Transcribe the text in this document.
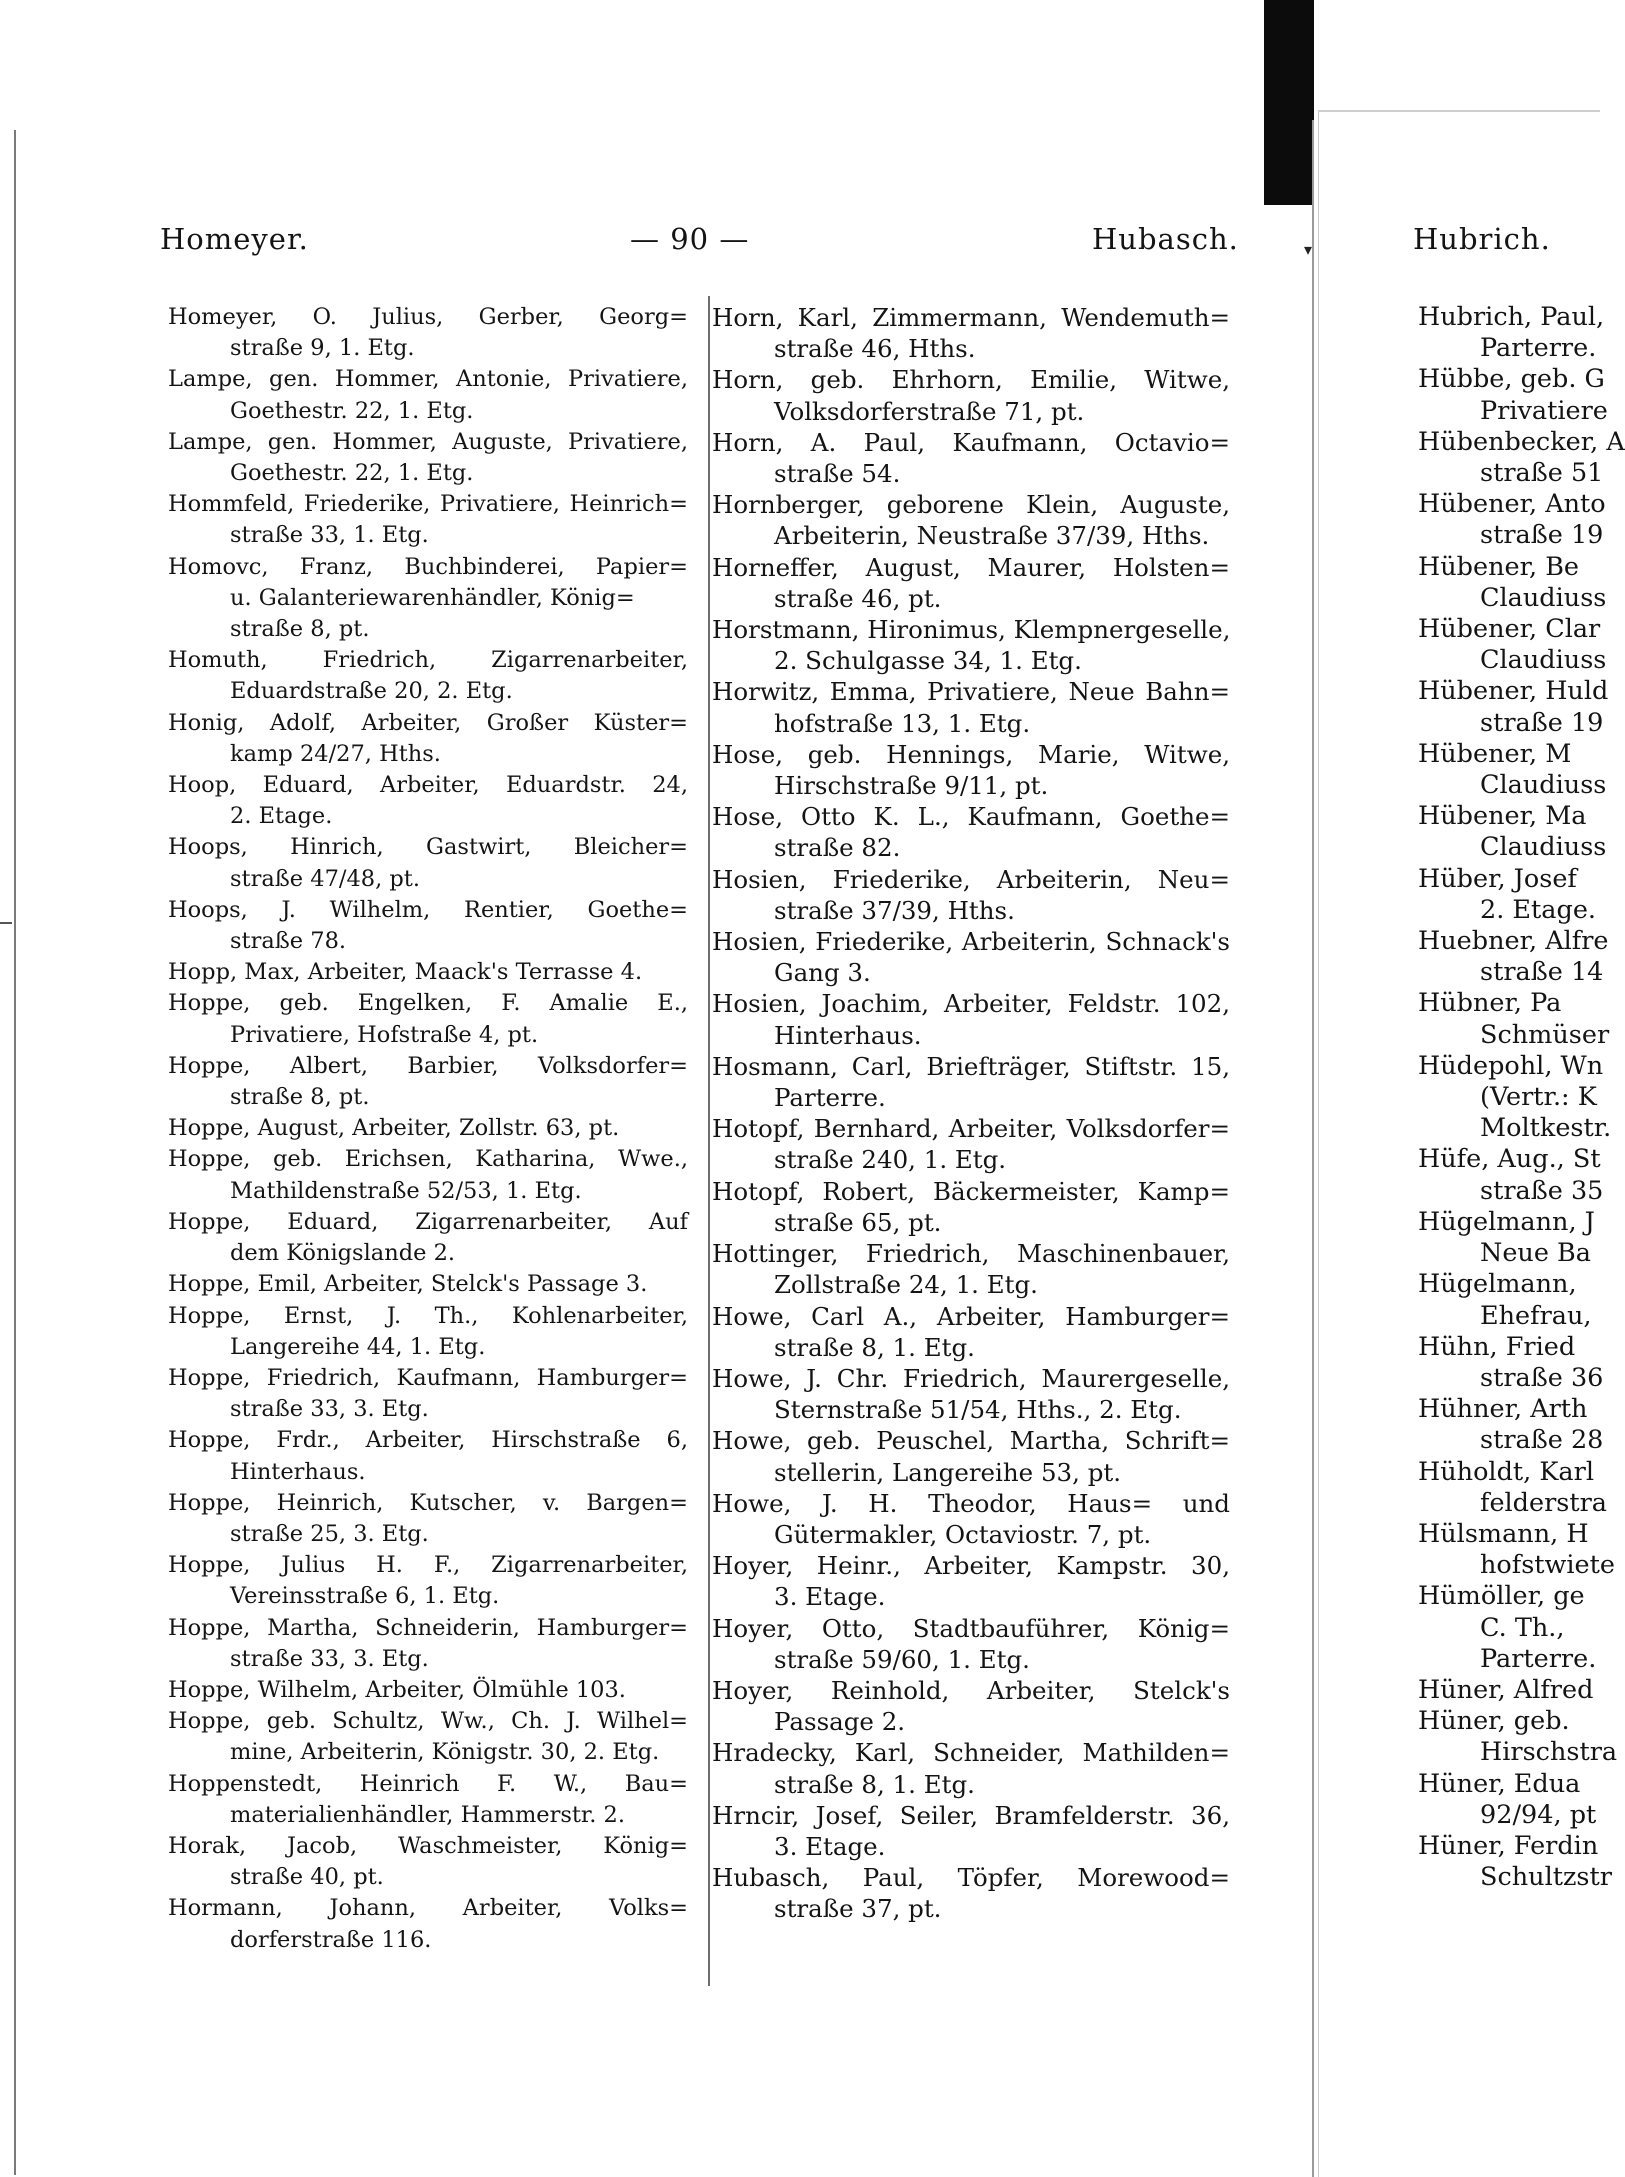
▾
Homeyer.	— 90 —	Hubasch.	Hubrich.
Homeyer, O. Julius, Gerber, Georg=
straße 9, 1. Etg.
Lampe, gen. Hommer, Antonie, Privatiere,
Goethestr. 22, 1. Etg.
Lampe, gen. Hommer, Auguste, Privatiere,
Goethestr. 22, 1. Etg.
Hommfeld, Friederike, Privatiere, Heinrich=
straße 33, 1. Etg.
Homovc, Franz, Buchbinderei, Papier=
u. Galanteriewarenhändler, König=
straße 8, pt.
Homuth, Friedrich, Zigarrenarbeiter,
Eduardstraße 20, 2. Etg.
Honig, Adolf, Arbeiter, Großer Küster=
kamp 24/27, Hths.
Hoop, Eduard, Arbeiter, Eduardstr. 24,
2. Etage.
Hoops, Hinrich, Gastwirt, Bleicher=
straße 47/48, pt.
Hoops, J. Wilhelm, Rentier, Goethe=
straße 78.
Hopp, Max, Arbeiter, Maack's Terrasse 4.
Hoppe, geb. Engelken, F. Amalie E.,
Privatiere, Hofstraße 4, pt.
Hoppe, Albert, Barbier, Volksdorfer=
straße 8, pt.
Hoppe, August, Arbeiter, Zollstr. 63, pt.
Hoppe, geb. Erichsen, Katharina, Wwe.,
Mathildenstraße 52/53, 1. Etg.
Hoppe, Eduard, Zigarrenarbeiter, Auf
dem Königslande 2.
Hoppe, Emil, Arbeiter, Stelck's Passage 3.
Hoppe, Ernst, J. Th., Kohlenarbeiter,
Langereihe 44, 1. Etg.
Hoppe, Friedrich, Kaufmann, Hamburger=
straße 33, 3. Etg.
Hoppe, Frdr., Arbeiter, Hirschstraße 6,
Hinterhaus.
Hoppe, Heinrich, Kutscher, v. Bargen=
straße 25, 3. Etg.
Hoppe, Julius H. F., Zigarrenarbeiter,
Vereinsstraße 6, 1. Etg.
Hoppe, Martha, Schneiderin, Hamburger=
straße 33, 3. Etg.
Hoppe, Wilhelm, Arbeiter, Ölmühle 103.
Hoppe, geb. Schultz, Ww., Ch. J. Wilhel=
mine, Arbeiterin, Königstr. 30, 2. Etg.
Hoppenstedt, Heinrich F. W., Bau=
materialienhändler, Hammerstr. 2.
Horak, Jacob, Waschmeister, König=
straße 40, pt.
Hormann, Johann, Arbeiter, Volks=
dorferstraße 116.
Horn, Karl, Zimmermann, Wendemuth=
straße 46, Hths.
Horn, geb. Ehrhorn, Emilie, Witwe,
Volksdorferstraße 71, pt.
Horn, A. Paul, Kaufmann, Octavio=
straße 54.
Hornberger, geborene Klein, Auguste,
Arbeiterin, Neustraße 37/39, Hths.
Horneffer, August, Maurer, Holsten=
straße 46, pt.
Horstmann, Hironimus, Klempnergeselle,
2. Schulgasse 34, 1. Etg.
Horwitz, Emma, Privatiere, Neue Bahn=
hofstraße 13, 1. Etg.
Hose, geb. Hennings, Marie, Witwe,
Hirschstraße 9/11, pt.
Hose, Otto K. L., Kaufmann, Goethe=
straße 82.
Hosien, Friederike, Arbeiterin, Neu=
straße 37/39, Hths.
Hosien, Friederike, Arbeiterin, Schnack's
Gang 3.
Hosien, Joachim, Arbeiter, Feldstr. 102,
Hinterhaus.
Hosmann, Carl, Briefträger, Stiftstr. 15,
Parterre.
Hotopf, Bernhard, Arbeiter, Volksdorfer=
straße 240, 1. Etg.
Hotopf, Robert, Bäckermeister, Kamp=
straße 65, pt.
Hottinger, Friedrich, Maschinenbauer,
Zollstraße 24, 1. Etg.
Howe, Carl A., Arbeiter, Hamburger=
straße 8, 1. Etg.
Howe, J. Chr. Friedrich, Maurergeselle,
Sternstraße 51/54, Hths., 2. Etg.
Howe, geb. Peuschel, Martha, Schrift=
stellerin, Langereihe 53, pt.
Howe, J. H. Theodor, Haus= und
Gütermakler, Octaviostr. 7, pt.
Hoyer, Heinr., Arbeiter, Kampstr. 30,
3. Etage.
Hoyer, Otto, Stadtbauführer, König=
straße 59/60, 1. Etg.
Hoyer, Reinhold, Arbeiter, Stelck's
Passage 2.
Hradecky, Karl, Schneider, Mathilden=
straße 8, 1. Etg.
Hrncir, Josef, Seiler, Bramfelderstr. 36,
3. Etage.
Hubasch, Paul, Töpfer, Morewood=
straße 37, pt.
Hubrich, Paul,
Parterre.
Hübbe, geb. G
Privatiere
Hübenbecker, A
straße 51
Hübener, Anto
straße 19
Hübener, Be
Claudiuss
Hübener, Clar
Claudiuss
Hübener, Huld
straße 19
Hübener, M
Claudiuss
Hübener, Ma
Claudiuss
Hüber, Josef
2. Etage.
Huebner, Alfre
straße 14
Hübner, Pa
Schmüser
Hüdepohl, Wn
(Vertr.: K
Moltkestr.
Hüfe, Aug., St
straße 35
Hügelmann, J
Neue Ba
Hügelmann,
Ehefrau,
Hühn, Fried
straße 36
Hühner, Arth
straße 28
Hüholdt, Karl
felderstra
Hülsmann, H
hofstwiete
Hümöller, ge
C. Th.,
Parterre.
Hüner, Alfred
Hüner, geb.
Hirschstra
Hüner, Edua
92/94, pt
Hüner, Ferdin
Schultzstr
